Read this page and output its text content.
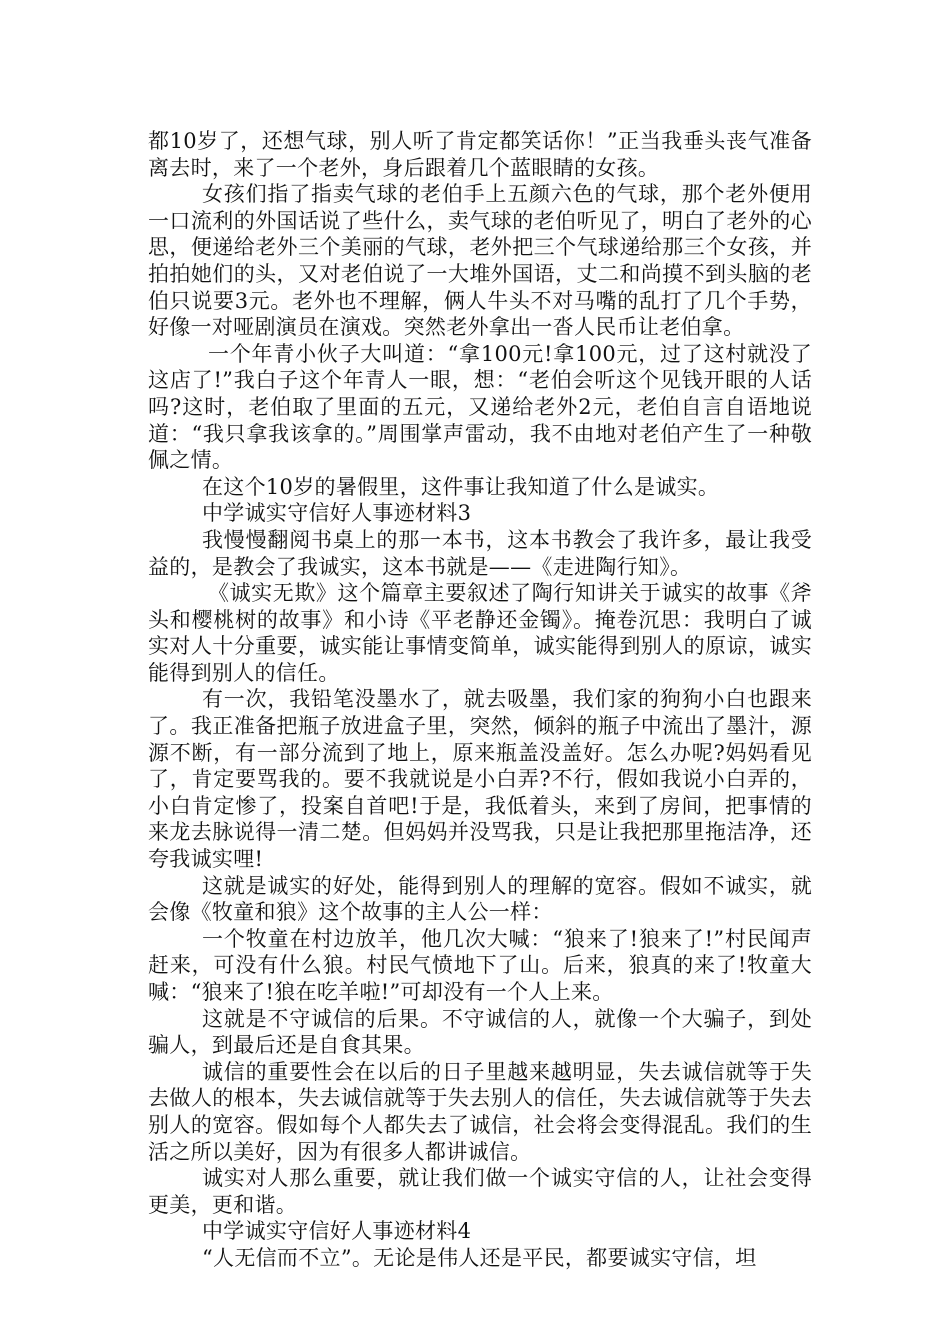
都10岁了，还想气球，别人听了肯定都笑话你！”正当我垂头丧气准备离去时，来了一个老外，身后跟着几个蓝眼睛的女孩。

女孩们指了指卖气球的老伯手上五颜六色的气球，那个老外便用一口流利的外国话说了些什么，卖气球的老伯听见了，明白了老外的心思，便递给老外三个美丽的气球，老外把三个气球递给那三个女孩，并拍拍她们的头，又对老伯说了一大堆外国语，丈二和尚摸不到头脑的老伯只说要3元。老外也不理解，俩人牛头不对马嘴的乱打了几个手势，好像一对哑剧演员在演戏。突然老外拿出一沓人民币让老伯拿。

一个年青小伙子大叫道：“拿100元!拿100元，过了这村就没了这店了!”我白子这个年青人一眼，想：“老伯会听这个见钱开眼的人话吗?这时，老伯取了里面的五元，又递给老外2元，老伯自言自语地说道：“我只拿我该拿的。”周围掌声雷动，我不由地对老伯产生了一种敬佩之情。

在这个10岁的暑假里，这件事让我知道了什么是诚实。

中学诚实守信好人事迹材料3

我慢慢翻阅书桌上的那一本书，这本书教会了我许多，最让我受益的，是教会了我诚实，这本书就是——《走进陶行知》。

《诚实无欺》这个篇章主要叙述了陶行知讲关于诚实的故事《斧头和樱桃树的故事》和小诗《平老静还金镯》。掩卷沉思：我明白了诚实对人十分重要，诚实能让事情变简单，诚实能得到别人的原谅，诚实能得到别人的信任。

有一次，我铅笔没墨水了，就去吸墨，我们家的狗狗小白也跟来了。我正准备把瓶子放进盒子里，突然，倾斜的瓶子中流出了墨汁，源源不断，有一部分流到了地上，原来瓶盖没盖好。怎么办呢?妈妈看见了，肯定要骂我的。要不我就说是小白弄?不行，假如我说小白弄的，小白肯定惨了，投案自首吧!于是，我低着头，来到了房间，把事情的来龙去脉说得一清二楚。但妈妈并没骂我，只是让我把那里拖洁净，还夸我诚实哩!

这就是诚实的好处，能得到别人的理解的宽容。假如不诚实，就会像《牧童和狼》这个故事的主人公一样：

一个牧童在村边放羊，他几次大喊：“狼来了!狼来了!”村民闻声赶来，可没有什么狼。村民气愤地下了山。后来，狼真的来了!牧童大喊：“狼来了!狼在吃羊啦!”可却没有一个人上来。

这就是不守诚信的后果。不守诚信的人，就像一个大骗子，到处骗人，到最后还是自食其果。

诚信的重要性会在以后的日子里越来越明显，失去诚信就等于失去做人的根本，失去诚信就等于失去别人的信任，失去诚信就等于失去别人的宽容。假如每个人都失去了诚信，社会将会变得混乱。我们的生活之所以美好，因为有很多人都讲诚信。

诚实对人那么重要，就让我们做一个诚实守信的人，让社会变得更美，更和谐。

中学诚实守信好人事迹材料4

“人无信而不立”。无论是伟人还是平民，都要诚实守信，坦
